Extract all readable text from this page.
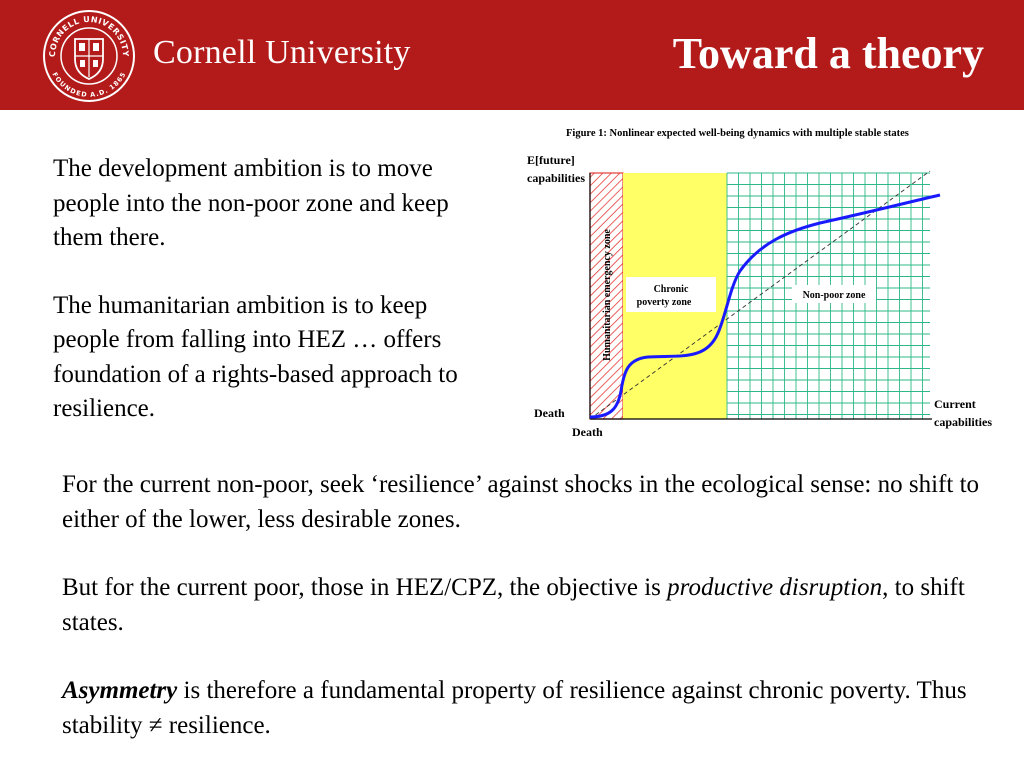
CORNELL UNIVERSITY
FOUNDED A.D. 1865
Cornell University	Toward a theory

The development ambition is to move people into the non-poor zone and keep them there.

The humanitarian ambition is to keep people from falling into HEZ … offers foundation of a rights-based approach to resilience.

Figure 1: Nonlinear expected well-being dynamics with multiple stable states
E[future]
capabilities
Death
Death
Current
capabilities
Humanitarian emergency zone	Chronic
poverty zone
Non-poor zone

For the current non-poor, seek ‘resilience’ against shocks in the ecological sense: no shift to either of the lower, less desirable zones.

But for the current poor, those in HEZ/CPZ, the objective is productive disruption, to shift states.

Asymmetry is therefore a fundamental property of resilience against chronic poverty. Thus stability ≠ resilience.
